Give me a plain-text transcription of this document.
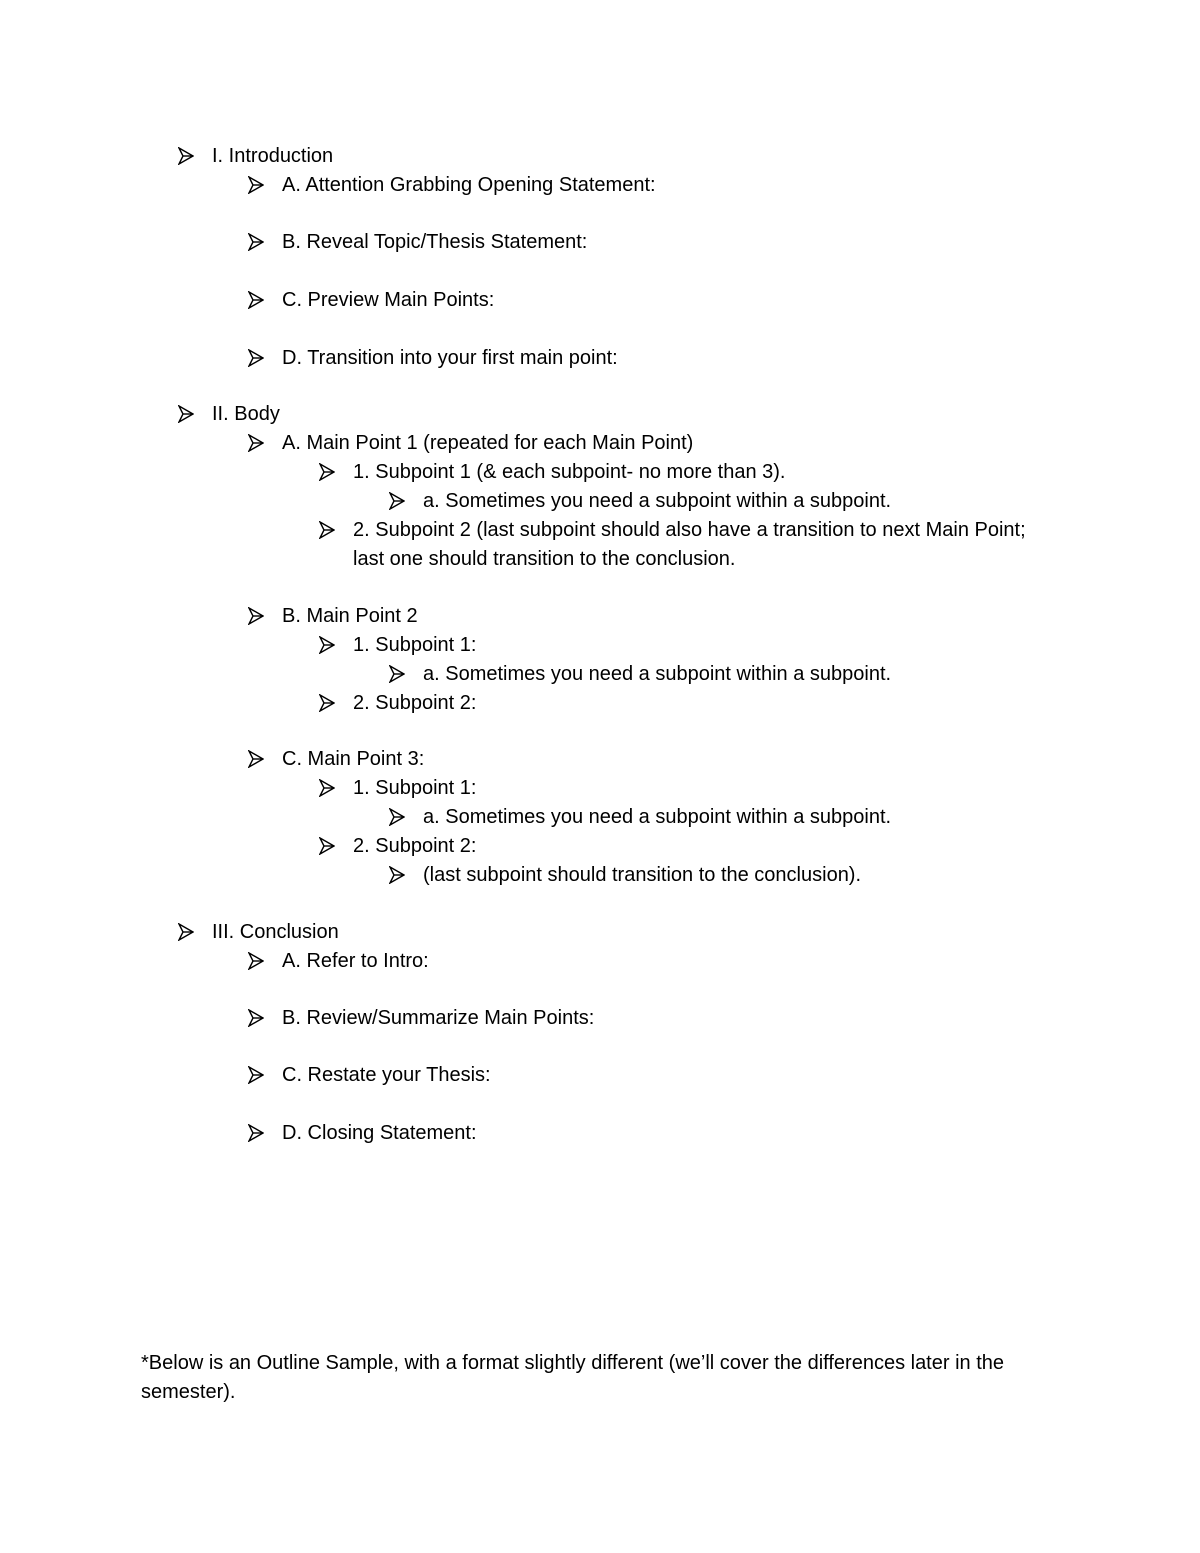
I. Introduction
A. Attention Grabbing Opening Statement:
B. Reveal Topic/Thesis Statement:
C. Preview Main Points:
D. Transition into your first main point:
II. Body
A. Main Point 1 (repeated for each Main Point)
1. Subpoint 1 (& each subpoint- no more than 3).
a. Sometimes you need a subpoint within a subpoint.
2. Subpoint 2 (last subpoint should also have a transition to next Main Point; last one should transition to the conclusion.
B. Main Point 2
1. Subpoint 1:
a. Sometimes you need a subpoint within a subpoint.
2. Subpoint 2:
C. Main Point 3:
1. Subpoint 1:
a. Sometimes you need a subpoint within a subpoint.
2. Subpoint 2:
(last subpoint should transition to the conclusion).
III. Conclusion
A. Refer to Intro:
B. Review/Summarize Main Points:
C. Restate your Thesis:
D. Closing Statement:
*Below is an Outline Sample, with a format slightly different (we’ll cover the differences later in the semester).
